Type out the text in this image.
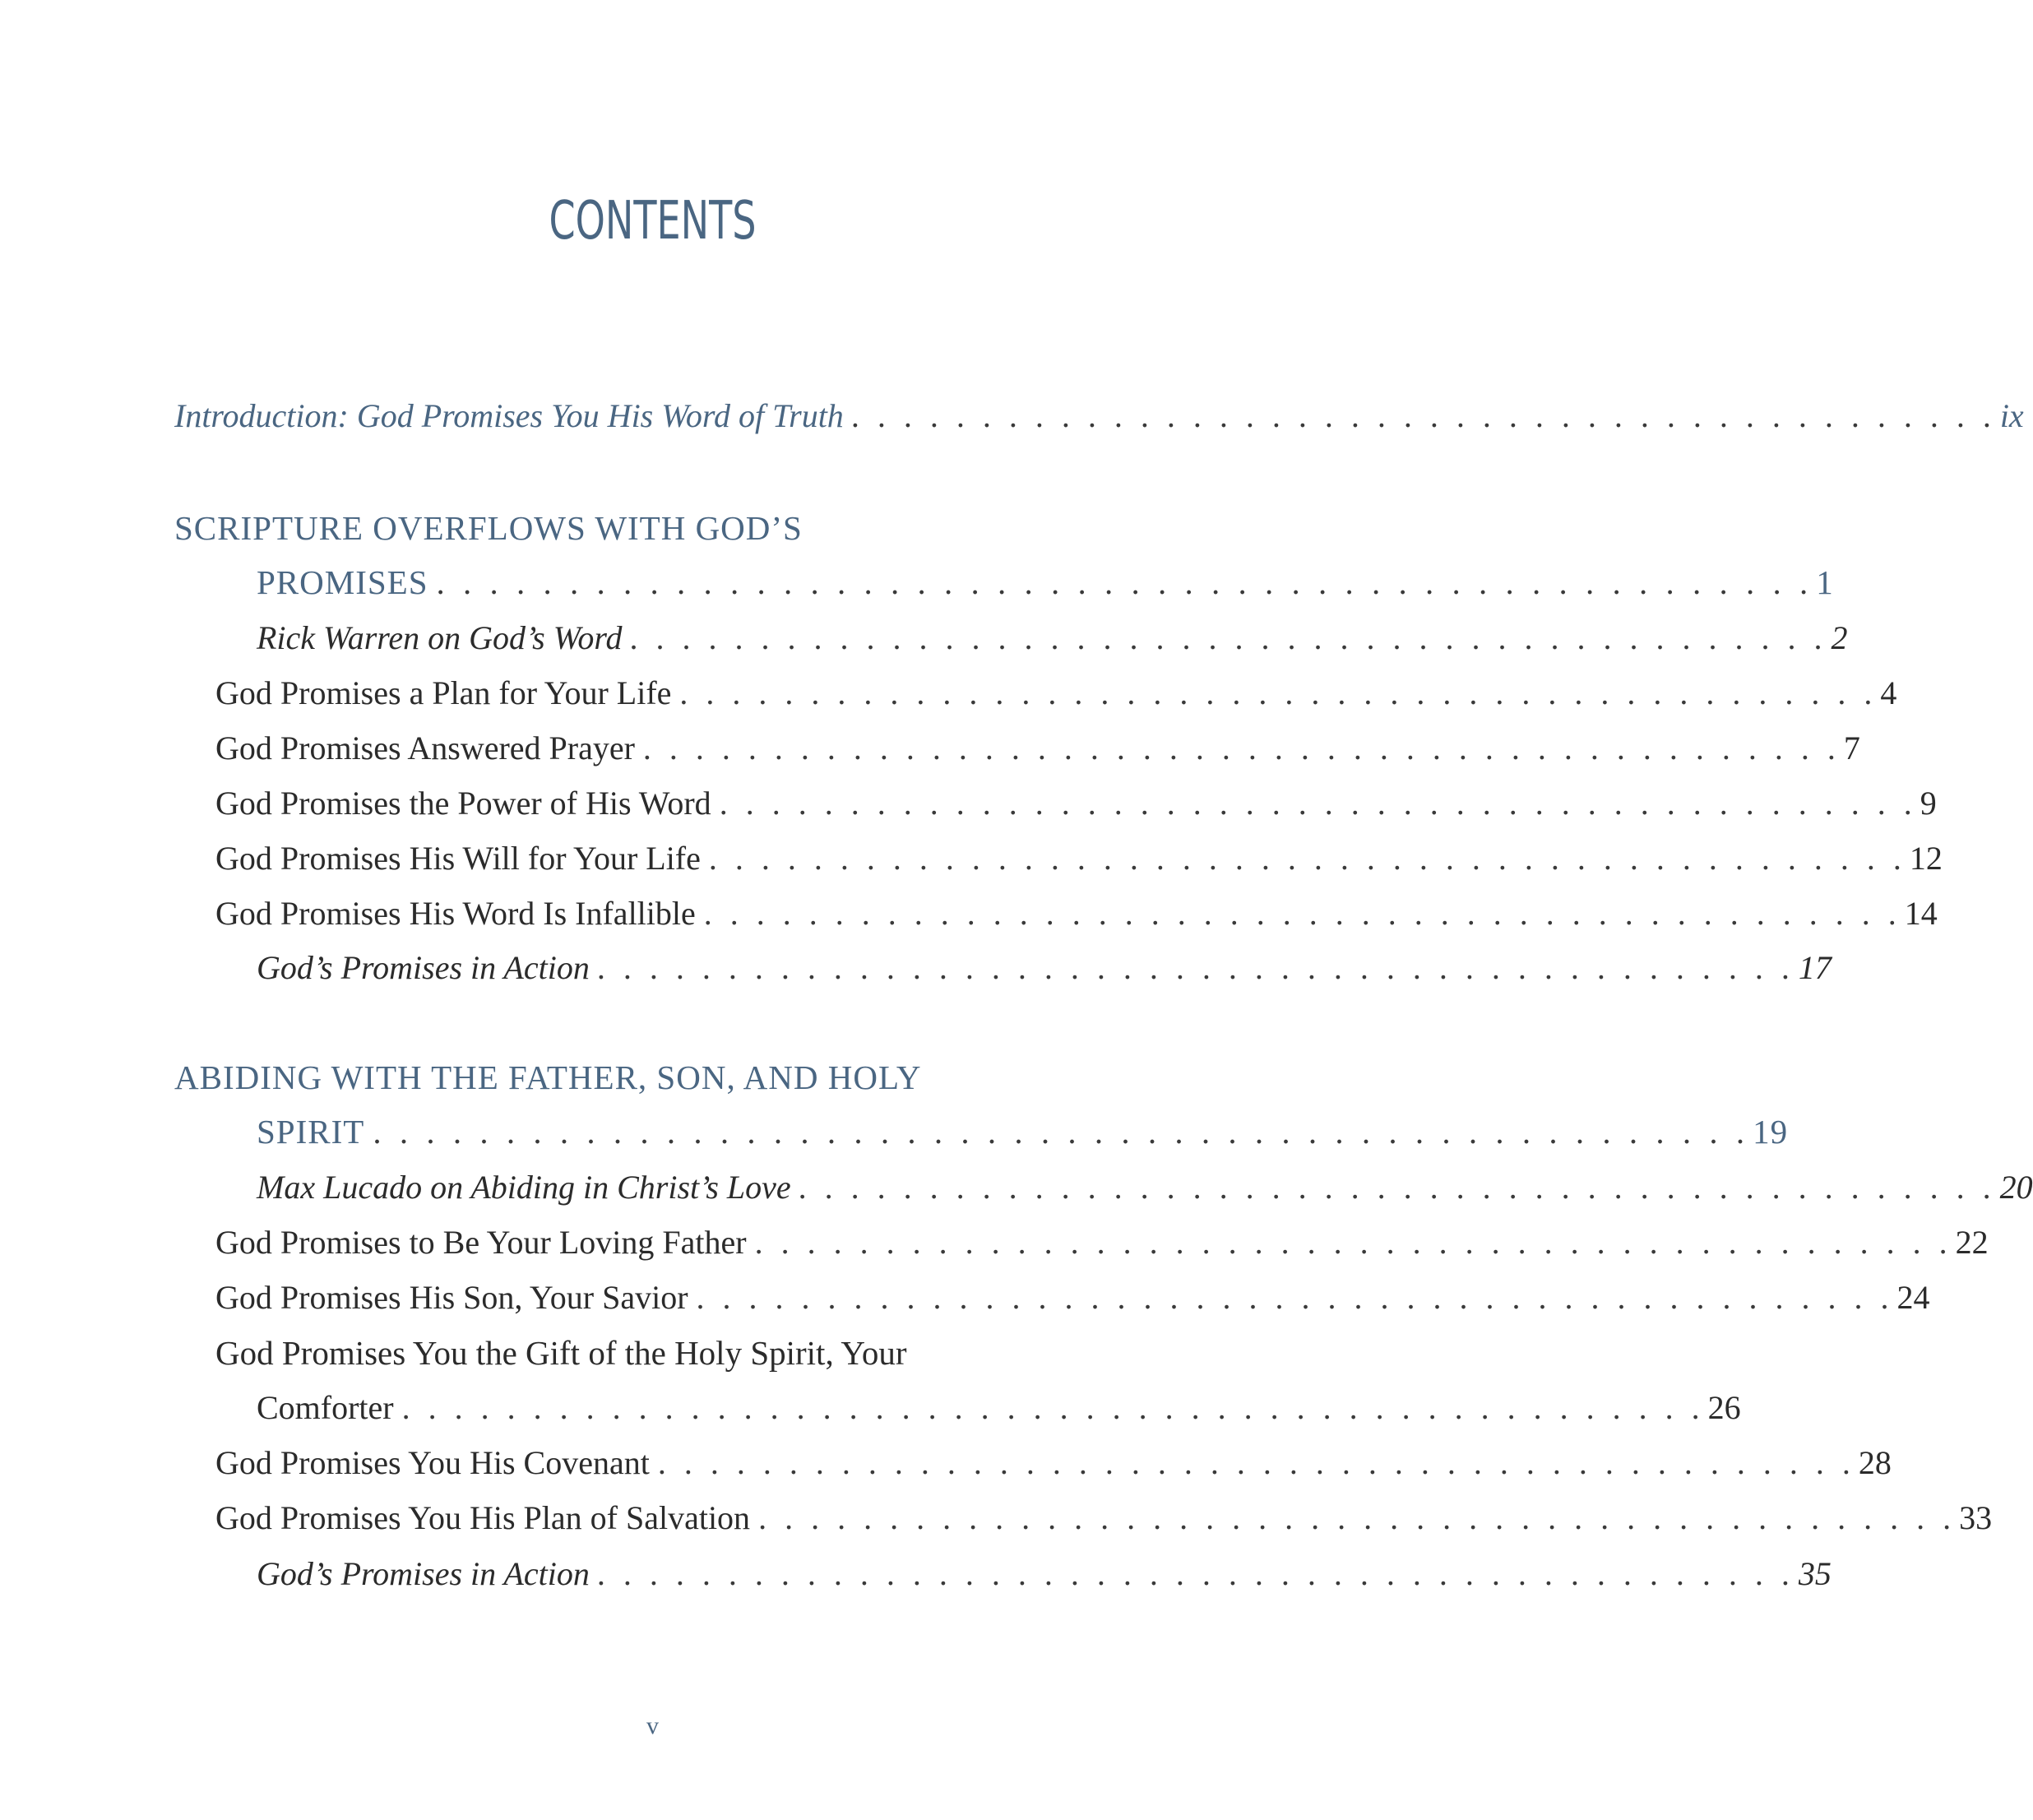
CONTENTS
Introduction: God Promises You His Word of Truth . . . . . . . . . . . . . . . . . . . . . . . . . . . . . . . . . . . . . . . . . . . . ix
SCRIPTURE OVERFLOWS WITH GOD’S
PROMISES . . . . . . . . . . . . . . . . . . . . . . . . . . . . . . . . . . . . . . . . . . . . . . . . . . . . 1
Rick Warren on God’s Word . . . . . . . . . . . . . . . . . . . . . . . . . . . . . . . . . . . . . . . . . . . . . . 2
God Promises a Plan for Your Life . . . . . . . . . . . . . . . . . . . . . . . . . . . . . . . . . . . . . . . . . . . . . . 4
God Promises Answered Prayer . . . . . . . . . . . . . . . . . . . . . . . . . . . . . . . . . . . . . . . . . . . . . . 7
God Promises the Power of His Word . . . . . . . . . . . . . . . . . . . . . . . . . . . . . . . . . . . . . . . . . . . . . . 9
God Promises His Will for Your Life . . . . . . . . . . . . . . . . . . . . . . . . . . . . . . . . . . . . . . . . . . . . . . 12
God Promises His Word Is Infallible . . . . . . . . . . . . . . . . . . . . . . . . . . . . . . . . . . . . . . . . . . . . . . 14
God’s Promises in Action . . . . . . . . . . . . . . . . . . . . . . . . . . . . . . . . . . . . . . . . . . . . . . 17
ABIDING WITH THE FATHER, SON, AND HOLY
SPIRIT . . . . . . . . . . . . . . . . . . . . . . . . . . . . . . . . . . . . . . . . . . . . . . . . . . . . 19
Max Lucado on Abiding in Christ’s Love . . . . . . . . . . . . . . . . . . . . . . . . . . . . . . . . . . . . . . . . . . . . . . 20
God Promises to Be Your Loving Father . . . . . . . . . . . . . . . . . . . . . . . . . . . . . . . . . . . . . . . . . . . . . . 22
God Promises His Son, Your Savior . . . . . . . . . . . . . . . . . . . . . . . . . . . . . . . . . . . . . . . . . . . . . . 24
God Promises You the Gift of the Holy Spirit, Your
Comforter . . . . . . . . . . . . . . . . . . . . . . . . . . . . . . . . . . . . . . . . . . . . . . . . . . 26
God Promises You His Covenant . . . . . . . . . . . . . . . . . . . . . . . . . . . . . . . . . . . . . . . . . . . . . . 28
God Promises You His Plan of Salvation . . . . . . . . . . . . . . . . . . . . . . . . . . . . . . . . . . . . . . . . . . . . . . 33
God’s Promises in Action . . . . . . . . . . . . . . . . . . . . . . . . . . . . . . . . . . . . . . . . . . . . . . 35
v
